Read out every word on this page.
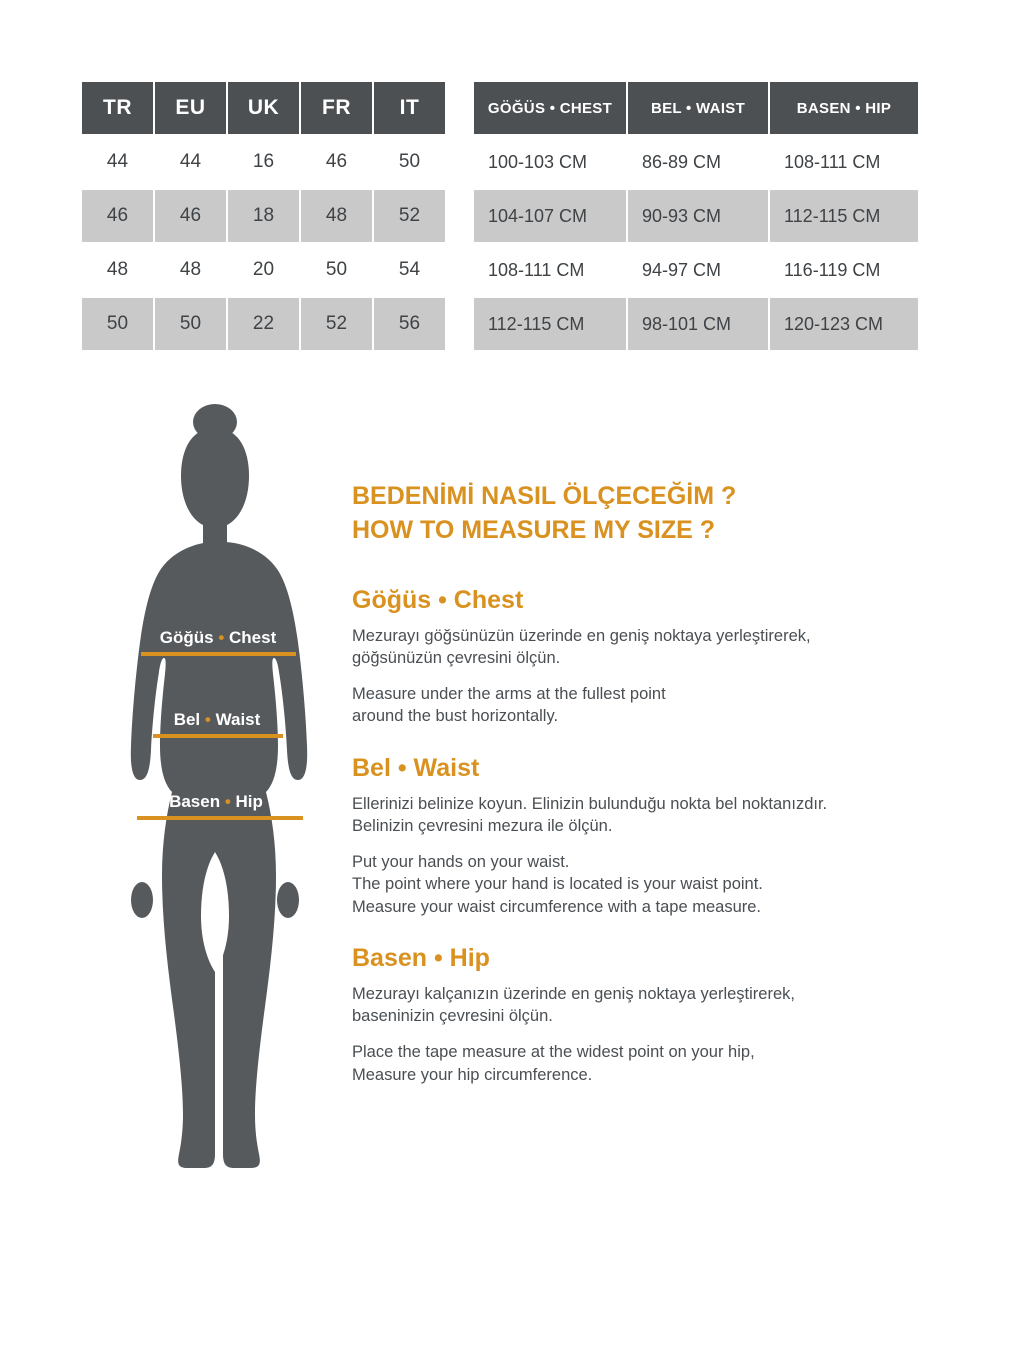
TR	EU	UK	FR	IT
44	44	16	46	50
46	46	18	48	52
48	48	20	50	54
50	50	22	52	56
GÖĞÜS • CHEST	BEL • WAIST	BASEN • HIP
100-103 CM	86-89 CM	108-111 CM
104-107 CM	90-93 CM	112-115 CM
108-111 CM	94-97 CM	116-119 CM
112-115 CM	98-101 CM	120-123 CM
Göğüs • Chest
Bel • Waist
Basen • Hip
BEDENİMİ NASIL ÖLÇECEĞİM ?
HOW TO MEASURE MY SIZE ?
Göğüs • Chest

Mezurayı göğsünüzün üzerinde en geniş noktaya yerleştirerek,
göğsünüzün çevresini ölçün.

Measure under the arms at the fullest point
around the bust horizontally.

Bel • Waist

Ellerinizi belinize koyun. Elinizin bulunduğu nokta bel noktanızdır.
Belinizin çevresini mezura ile ölçün.

Put your hands on your waist.
The point where your hand is located is your waist point.
Measure your waist circumference with a tape measure.

Basen • Hip

Mezurayı kalçanızın üzerinde en geniş noktaya yerleştirerek,
baseninizin çevresini ölçün.

Place the tape measure at the widest point on your hip,
Measure your hip circumference.
